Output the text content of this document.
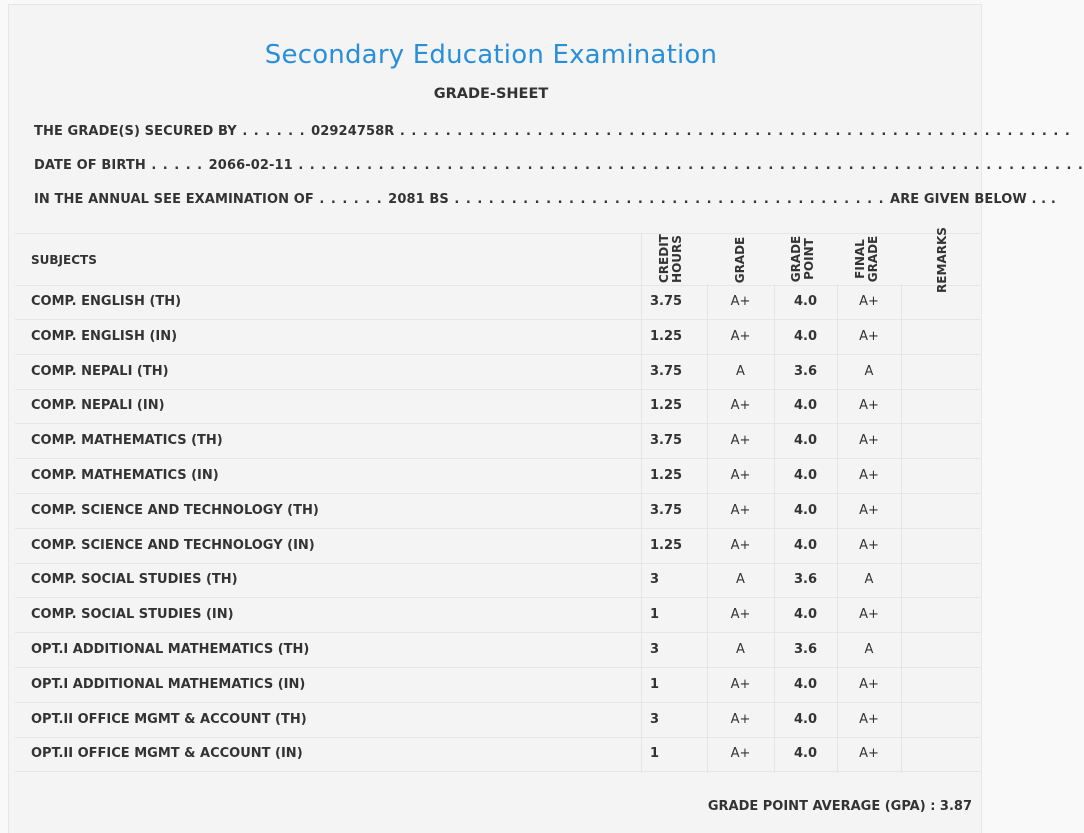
Secondary Education Examination
GRADE-SHEET
THE GRADE(S) SECURED BY . . . . . . 02924758R . . . . . . . . . . . . . . . . . . . . . . . . . . . . . . . . . . . . . . . . . . . . . . . . . . . . . . . . . . .
DATE OF BIRTH . . . . . 2066-02-11 . . . . . . . . . . . . . . . . . . . . . . . . . . . . . . . . . . . . . . . . . . . . . . . . . . . . . . . . . . . . . . . . . . . . .
IN THE ANNUAL SEE EXAMINATION OF . . . . . . 2081 BS . . . . . . . . . . . . . . . . . . . . . . . . . . . . . . . . . . . . . . ARE GIVEN BELOW . . .
SUBJECTS	CREDIT HOURS	GRADE	GRADE POINT	FINAL GRADE	REMARKS
COMP. ENGLISH (TH)	3.75	A+	4.0	A+
COMP. ENGLISH (IN)	1.25	A+	4.0	A+
COMP. NEPALI (TH)	3.75	A	3.6	A
COMP. NEPALI (IN)	1.25	A+	4.0	A+
COMP. MATHEMATICS (TH)	3.75	A+	4.0	A+
COMP. MATHEMATICS (IN)	1.25	A+	4.0	A+
COMP. SCIENCE AND TECHNOLOGY (TH)	3.75	A+	4.0	A+
COMP. SCIENCE AND TECHNOLOGY (IN)	1.25	A+	4.0	A+
COMP. SOCIAL STUDIES (TH)	3	A	3.6	A
COMP. SOCIAL STUDIES (IN)	1	A+	4.0	A+
OPT.I ADDITIONAL MATHEMATICS (TH)	3	A	3.6	A
OPT.I ADDITIONAL MATHEMATICS (IN)	1	A+	4.0	A+
OPT.II OFFICE MGMT & ACCOUNT (TH)	3	A+	4.0	A+
OPT.II OFFICE MGMT & ACCOUNT (IN)	1	A+	4.0	A+
GRADE POINT AVERAGE (GPA) : 3.87
